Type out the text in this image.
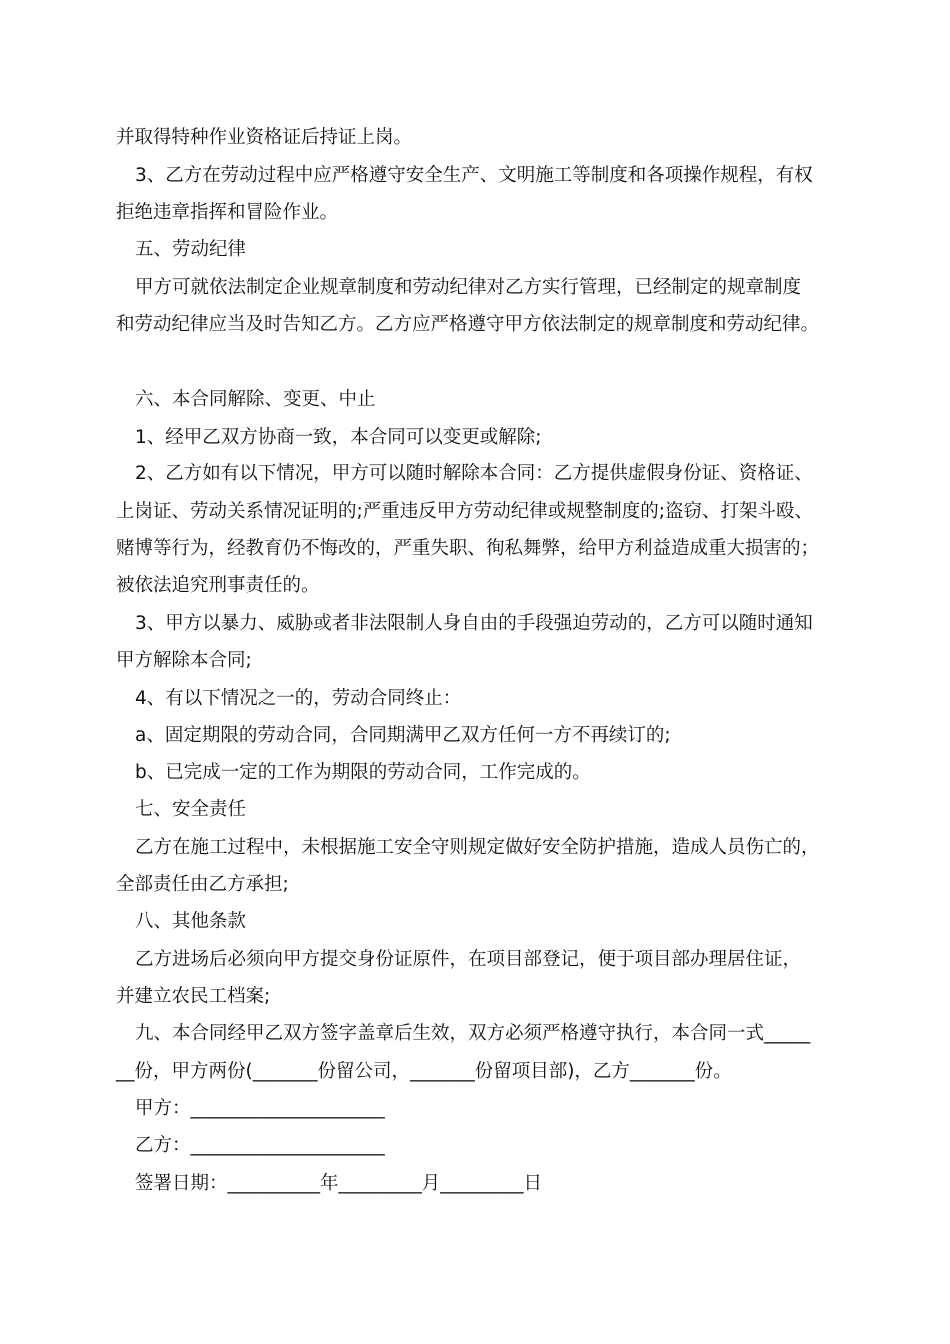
并取得特种作业资格证后持证上岗。
3、乙方在劳动过程中应严格遵守安全生产、文明施工等制度和各项操作规程，有权
拒绝违章指挥和冒险作业。
五、劳动纪律
甲方可就依法制定企业规章制度和劳动纪律对乙方实行管理，已经制定的规章制度
和劳动纪律应当及时告知乙方。乙方应严格遵守甲方依法制定的规章制度和劳动纪律。
六、本合同解除、变更、中止
1、经甲乙双方协商一致，本合同可以变更或解除;
2、乙方如有以下情况，甲方可以随时解除本合同：乙方提供虚假身份证、资格证、
上岗证、劳动关系情况证明的;严重违反甲方劳动纪律或规整制度的;盗窃、打架斗殴、
赌博等行为，经教育仍不悔改的，严重失职、徇私舞弊，给甲方利益造成重大损害的；
被依法追究刑事责任的。
3、甲方以暴力、威胁或者非法限制人身自由的手段强迫劳动的，乙方可以随时通知
甲方解除本合同;
4、有以下情况之一的，劳动合同终止：
a、固定期限的劳动合同，合同期满甲乙双方任何一方不再续订的;
b、已完成一定的工作为期限的劳动合同，工作完成的。
七、安全责任
乙方在施工过程中，未根据施工安全守则规定做好安全防护措施，造成人员伤亡的，
全部责任由乙方承担;
八、其他条款
乙方进场后必须向甲方提交身份证原件，在项目部登记，便于项目部办理居住证，
并建立农民工档案;
九、本合同经甲乙双方签字盖章后生效，双方必须严格遵守执行，本合同一式_____
__份，甲方两份(_______份留公司，_______份留项目部)，乙方_______份。
甲方：_____________________
乙方：_____________________
签署日期：__________年_________月_________日
